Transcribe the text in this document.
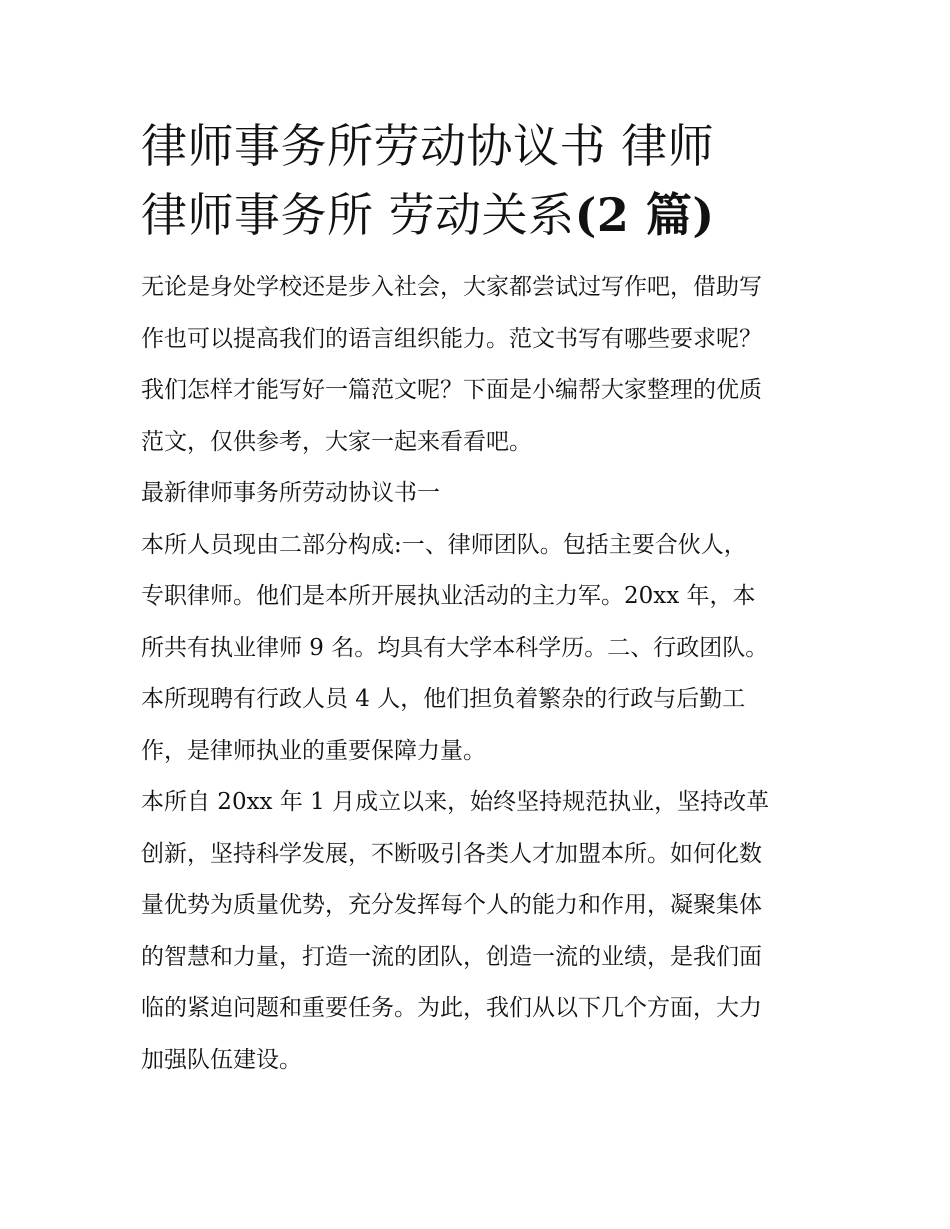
律师事务所劳动协议书 律师
律师事务所 劳动关系(2 篇)

无论是身处学校还是步入社会，大家都尝试过写作吧，借助写
作也可以提高我们的语言组织能力。范文书写有哪些要求呢？
我们怎样才能写好一篇范文呢？下面是小编帮大家整理的优质
范文，仅供参考，大家一起来看看吧。

最新律师事务所劳动协议书一

本所人员现由二部分构成:一、律师团队。包括主要合伙人，
专职律师。他们是本所开展执业活动的主力军。20xx 年，本
所共有执业律师 9 名。均具有大学本科学历。二、行政团队。
本所现聘有行政人员 4 人，他们担负着繁杂的行政与后勤工
作，是律师执业的重要保障力量。

本所自 20xx 年 1 月成立以来，始终坚持规范执业，坚持改革
创新，坚持科学发展，不断吸引各类人才加盟本所。如何化数
量优势为质量优势，充分发挥每个人的能力和作用，凝聚集体
的智慧和力量，打造一流的团队，创造一流的业绩，是我们面
临的紧迫问题和重要任务。为此，我们从以下几个方面，大力
加强队伍建设。
